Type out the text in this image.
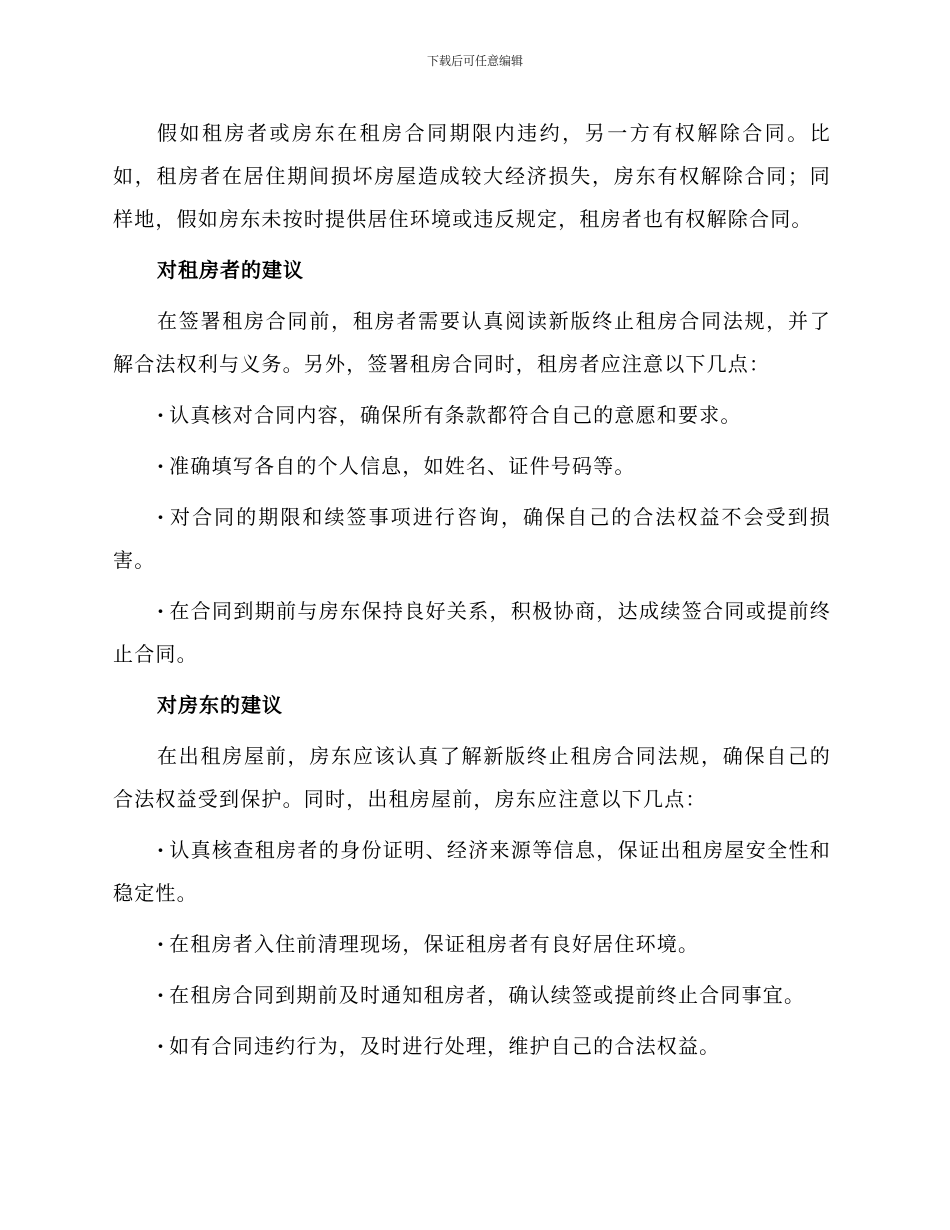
下载后可任意编辑

假如租房者或房东在租房合同期限内违约，另一方有权解除合同。比如，租房者在居住期间损坏房屋造成较大经济损失，房东有权解除合同；同样地，假如房东未按时提供居住环境或违反规定，租房者也有权解除合同。

对租房者的建议

在签署租房合同前，租房者需要认真阅读新版终止租房合同法规，并了解合法权利与义务。另外，签署租房合同时，租房者应注意以下几点：

· 认真核对合同内容，确保所有条款都符合自己的意愿和要求。

· 准确填写各自的个人信息，如姓名、证件号码等。

· 对合同的期限和续签事项进行咨询，确保自己的合法权益不会受到损害。

· 在合同到期前与房东保持良好关系，积极协商，达成续签合同或提前终止合同。

对房东的建议

在出租房屋前，房东应该认真了解新版终止租房合同法规，确保自己的合法权益受到保护。同时，出租房屋前，房东应注意以下几点：

· 认真核查租房者的身份证明、经济来源等信息，保证出租房屋安全性和稳定性。

· 在租房者入住前清理现场，保证租房者有良好居住环境。

· 在租房合同到期前及时通知租房者，确认续签或提前终止合同事宜。

· 如有合同违约行为，及时进行处理，维护自己的合法权益。
